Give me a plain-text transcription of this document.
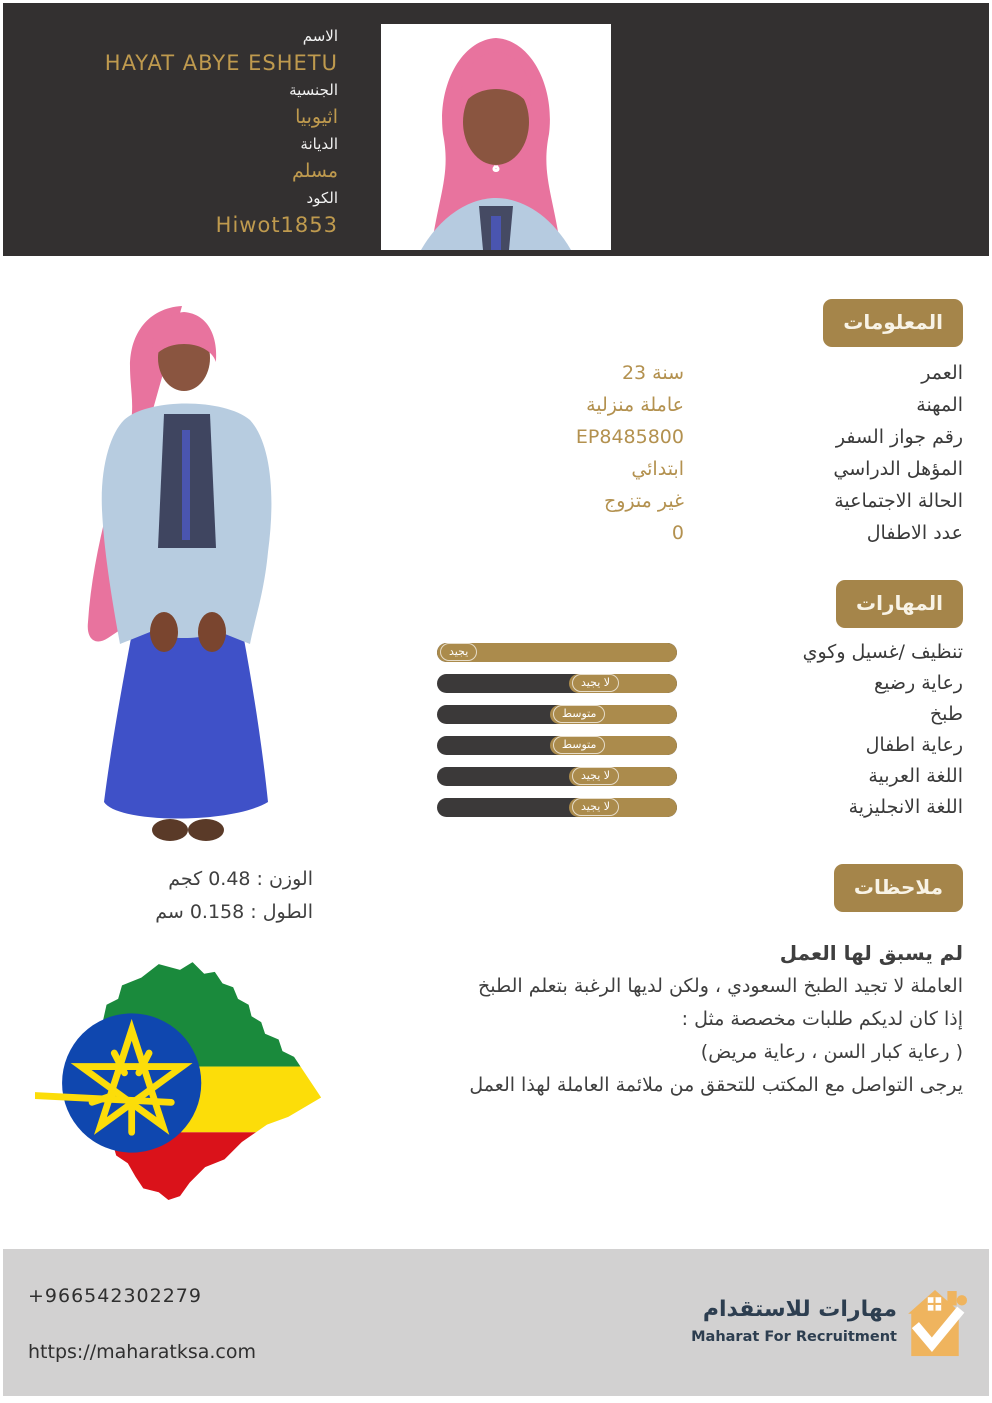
الاسم
HAYAT ABYE ESHETU
الجنسية
اثيوبيا
الديانة
مسلم
الكود
Hiwot1853
المعلومات
العمر
23 سنة
المهنة
عاملة منزلية
رقم جواز السفر
EP8485800
المؤهل الدراسي
ابتدائي
الحالة الاجتماعية
غير متزوج
عدد الاطفال
0
المهارات
يجيد	تنظيف /غسيل وكوي
لا يجيد	رعاية رضيع
متوسط	طبخ
متوسط	رعاية اطفال
لا يجيد	اللغة العربية
لا يجيد	اللغة الانجليزية
الوزن : 0.48 كجم
الطول : 0.158 سم
ملاحظات
لم يسبق لها العمل
العاملة لا تجيد الطبخ السعودي ، ولكن لديها الرغبة بتعلم الطبخ
إذا كان لديكم طلبات مخصصة مثل :
( رعاية كبار السن ، رعاية مريض)
يرجى التواصل مع المكتب للتحقق من ملائمة العاملة لهذا العمل
+966542302279
https://maharatksa.com
مهارات للاستقدام
Maharat For Recruitment
